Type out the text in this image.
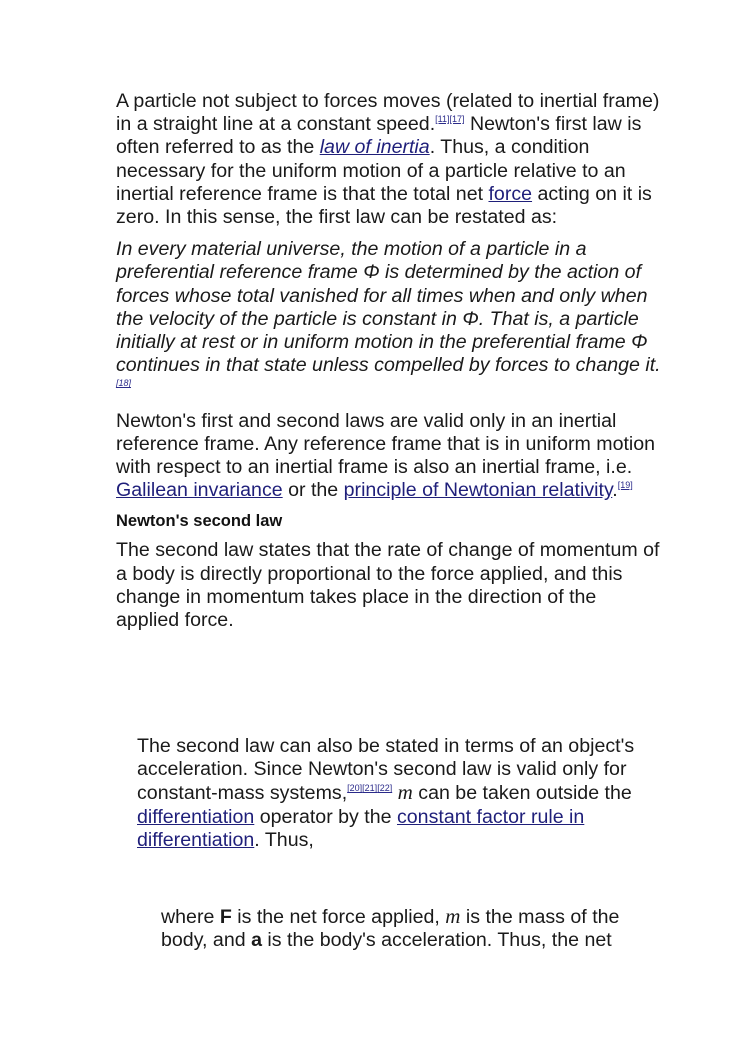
A particle not subject to forces moves (related to inertial frame) in a straight line at a constant speed.[11][17] Newton's first law is often referred to as the law of inertia. Thus, a condition necessary for the uniform motion of a particle relative to an inertial reference frame is that the total net force acting on it is zero. In this sense, the first law can be restated as:

In every material universe, the motion of a particle in a preferential reference frame Φ is determined by the action of forces whose total vanished for all times when and only when the velocity of the particle is constant in Φ. That is, a particle initially at rest or in uniform motion in the preferential frame Φ continues in that state unless compelled by forces to change it.[18]

Newton's first and second laws are valid only in an inertial reference frame. Any reference frame that is in uniform motion with respect to an inertial frame is also an inertial frame, i.e. Galilean invariance or the principle of Newtonian relativity.[19]

Newton's second law

The second law states that the rate of change of momentum of a body is directly proportional to the force applied, and this change in momentum takes place in the direction of the applied force.

The second law can also be stated in terms of an object's acceleration. Since Newton's second law is valid only for constant-mass systems,[20][21][22] m can be taken outside the differentiation operator by the constant factor rule in differentiation. Thus,

where F is the net force applied, m is the mass of the body, and a is the body's acceleration. Thus, the net
